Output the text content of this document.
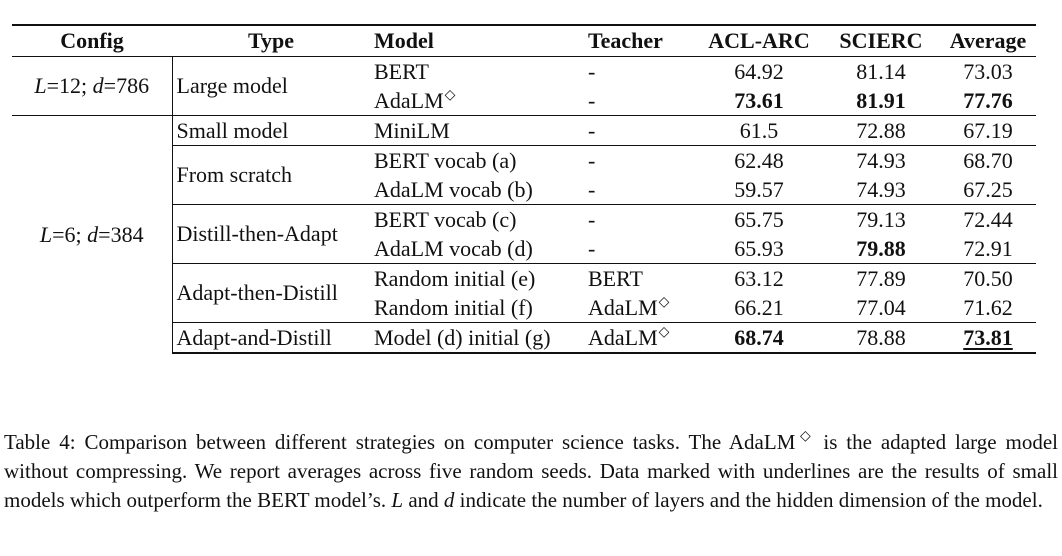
Config	Type	Model	Teacher	ACL-ARC	SCIERC	Average
L=12; d=786	Large model	BERT	-	64.92	81.14	73.03
		AdaLM◇	-	73.61	81.91	77.76
L=6; d=384	Small model	MiniLM	-	61.5	72.88	67.19
	From scratch	BERT vocab (a)	-	62.48	74.93	68.70
		AdaLM vocab (b)	-	59.57	74.93	67.25
	Distill-then-Adapt	BERT vocab (c)	-	65.75	79.13	72.44
		AdaLM vocab (d)	-	65.93	79.88	72.91
	Adapt-then-Distill	Random initial (e)	BERT	63.12	77.89	70.50
		Random initial (f)	AdaLM◇	66.21	77.04	71.62
	Adapt-and-Distill	Model (d) initial (g)	AdaLM◇	68.74	78.88	73.81
Table 4: Comparison between different strategies on computer science tasks. The AdaLM◇ is the adapted large model without compressing. We report averages across five random seeds. Data marked with underlines are the results of small models which outperform the BERT model’s. L and d indicate the number of layers and the hidden dimension of the model.
